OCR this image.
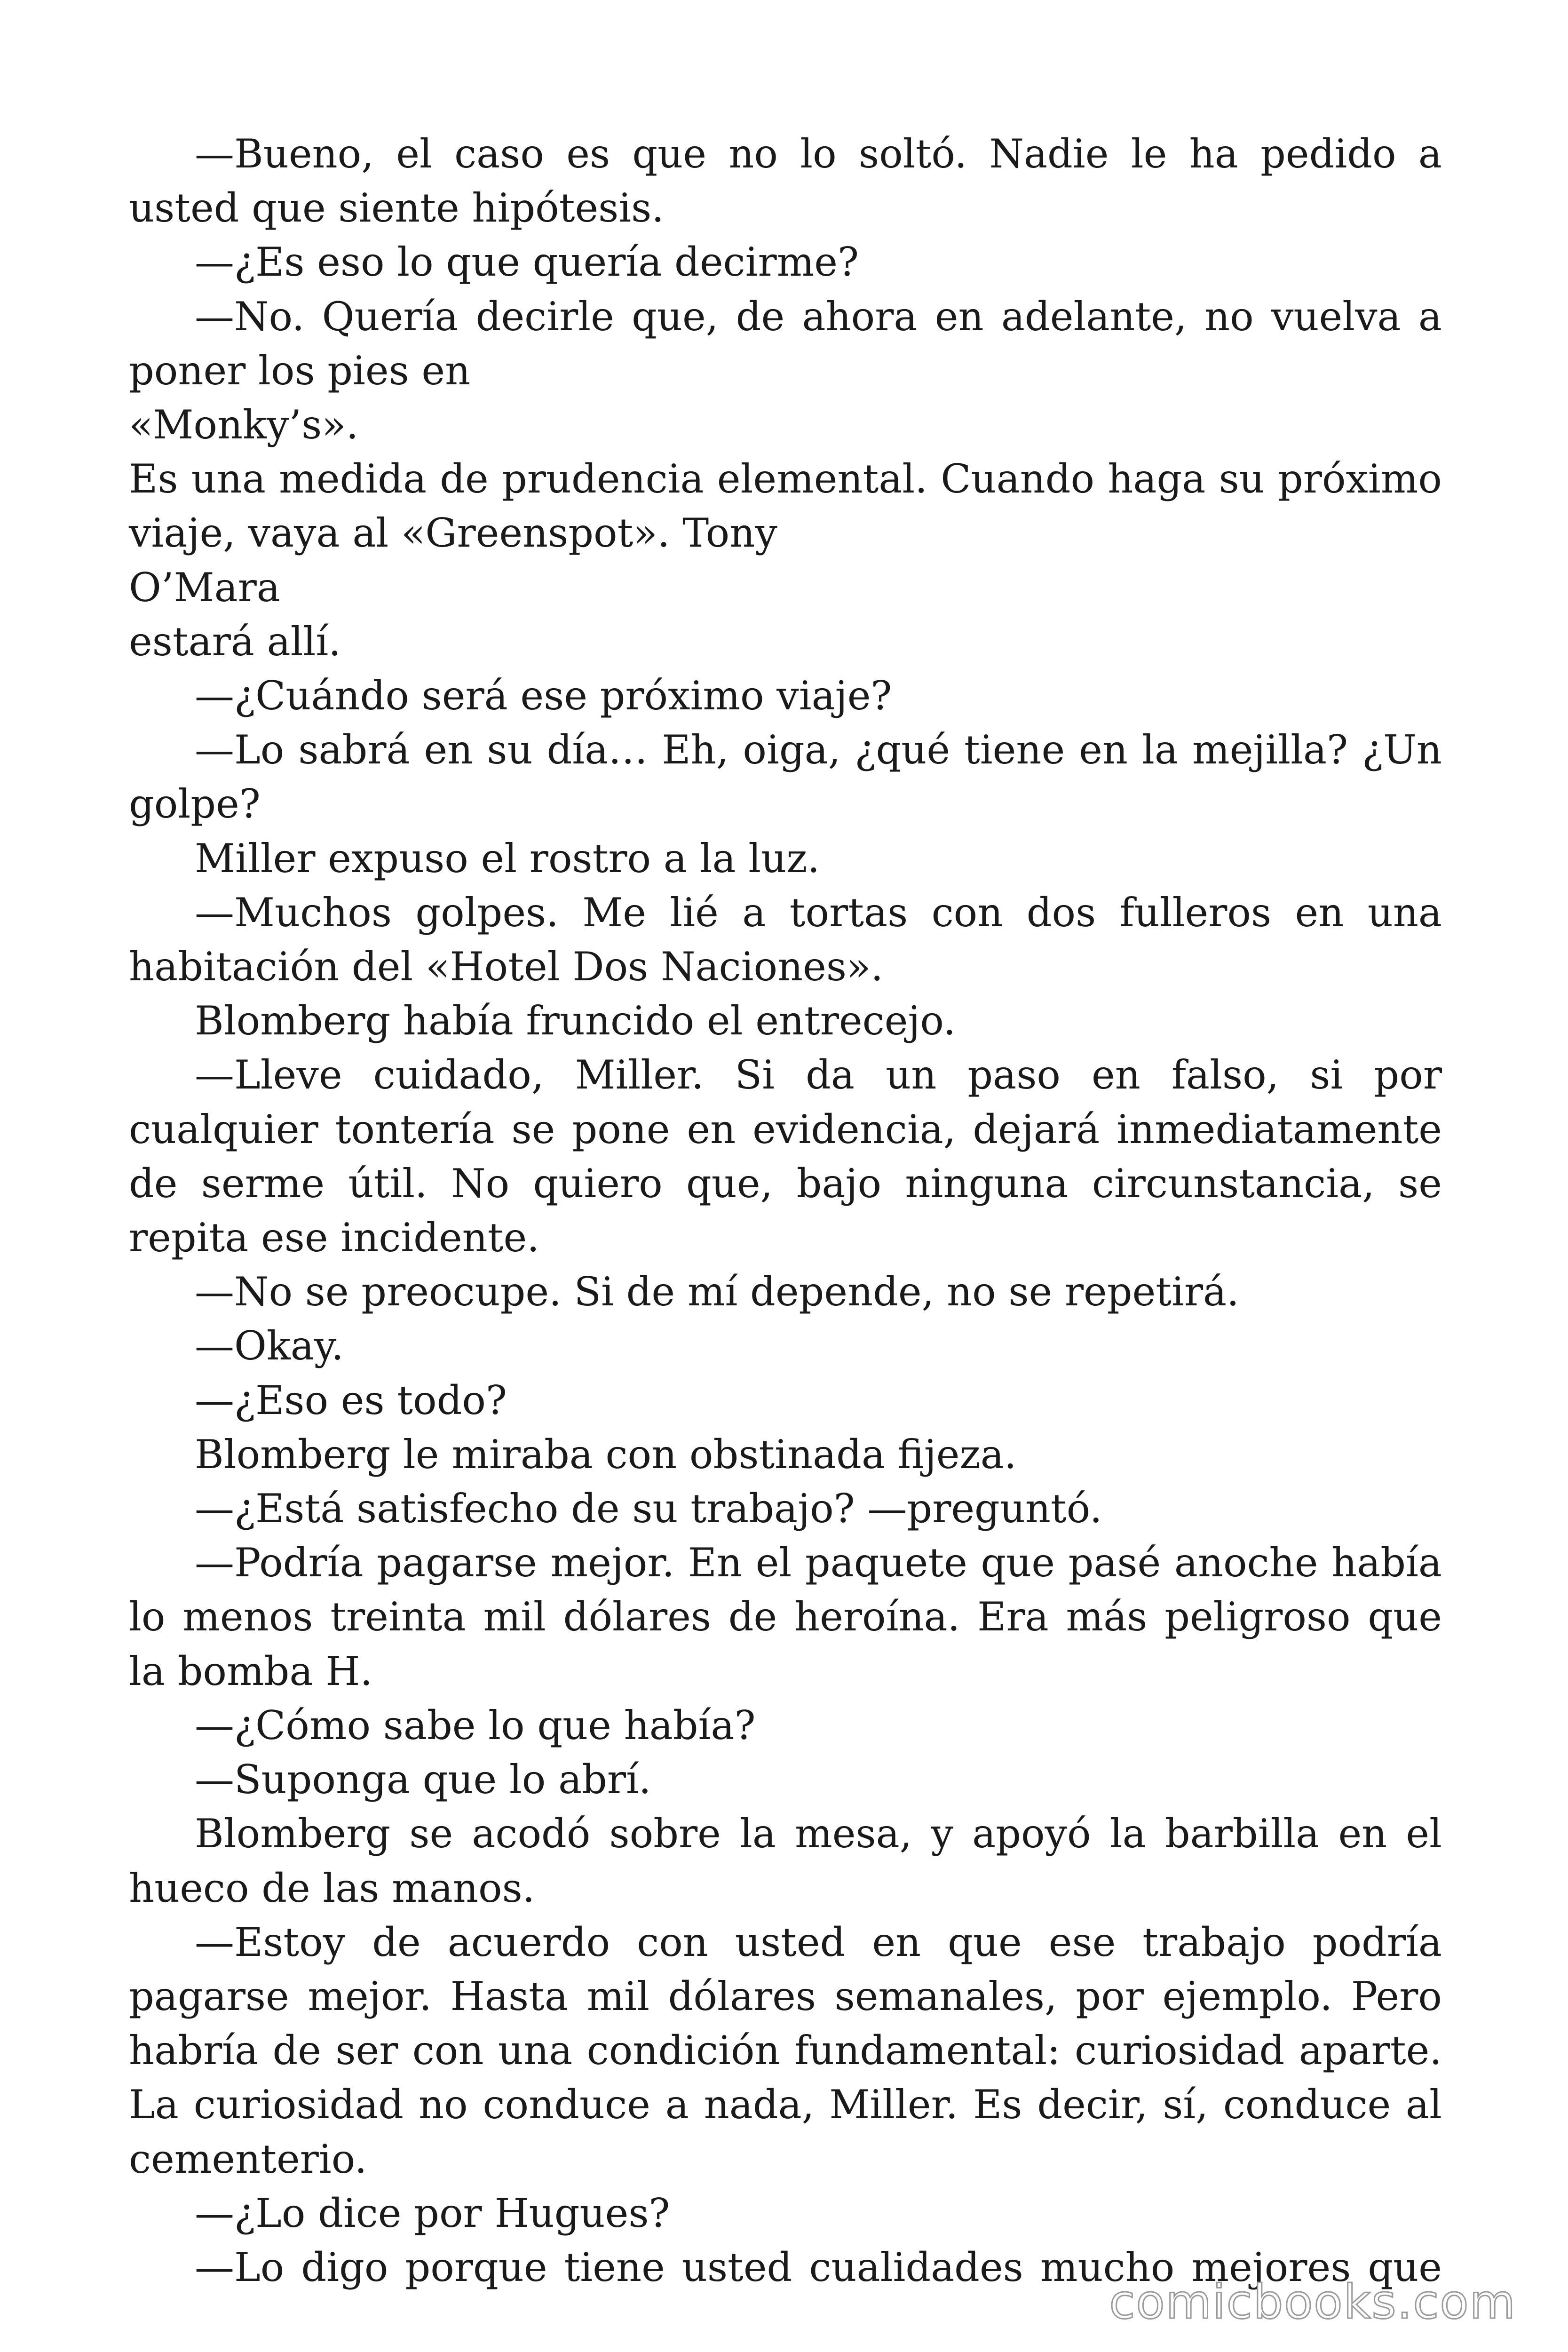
—Bueno, el caso es que no lo soltó. Nadie le ha pedido a usted que siente hipótesis.

—¿Es eso lo que quería decirme?

—No. Quería decirle que, de ahora en adelante, no vuelva a poner los pies en

«Monky’s».

Es una medida de prudencia elemental. Cuando haga su próximo viaje, vaya al «Greenspot». Tony

O’Mara

estará allí.

—¿Cuándo será ese próximo viaje?

—Lo sabrá en su día… Eh, oiga, ¿qué tiene en la mejilla? ¿Un golpe?

Miller expuso el rostro a la luz.

—Muchos golpes. Me lié a tortas con dos fulleros en una habitación del «Hotel Dos Naciones».

Blomberg había fruncido el entrecejo.

—Lleve cuidado, Miller. Si da un paso en falso, si por cualquier tontería se pone en evidencia, dejará inmediatamente de serme útil. No quiero que, bajo ninguna circunstancia, se repita ese incidente.

—No se preocupe. Si de mí depende, no se repetirá.

—Okay.

—¿Eso es todo?

Blomberg le miraba con obstinada fijeza.

—¿Está satisfecho de su trabajo? —preguntó.

—Podría pagarse mejor. En el paquete que pasé anoche había lo menos treinta mil dólares de heroína. Era más peligroso que la bomba H.

—¿Cómo sabe lo que había?

—Suponga que lo abrí.

Blomberg se acodó sobre la mesa, y apoyó la barbilla en el hueco de las manos.

—Estoy de acuerdo con usted en que ese trabajo podría pagarse mejor. Hasta mil dólares semanales, por ejemplo. Pero habría de ser con una condición fundamental: curiosidad aparte. La curiosidad no conduce a nada, Miller. Es decir, sí, conduce al cementerio.

—¿Lo dice por Hugues?

—Lo digo porque tiene usted cualidades mucho mejores que

comicbooks.com
